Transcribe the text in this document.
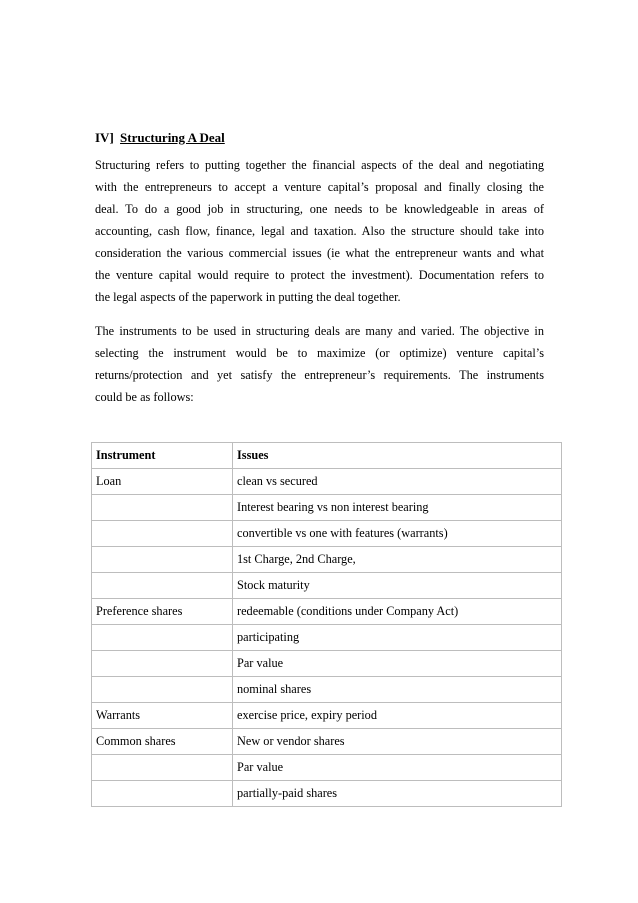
IV] Structuring A Deal
Structuring refers to putting together the financial aspects of the deal and negotiating
with the entrepreneurs to accept a venture capital’s proposal and finally closing the
deal. To do a good job in structuring, one needs to be knowledgeable in areas of
accounting, cash flow, finance, legal and taxation. Also the structure should take into
consideration the various commercial issues (ie what the entrepreneur wants and what
the venture capital would require to protect the investment). Documentation refers to
the legal aspects of the paperwork in putting the deal together.
The instruments to be used in structuring deals are many and varied. The objective in
selecting the instrument would be to maximize (or optimize) venture capital’s
returns/protection and yet satisfy the entrepreneur’s requirements. The instruments
could be as follows:
Instrument	Issues
Loan	clean vs secured
	Interest bearing vs non interest bearing
	convertible vs one with features (warrants)
	1st Charge, 2nd Charge,
	Stock maturity
Preference shares	redeemable (conditions under Company Act)
	participating
	Par value
	nominal shares
Warrants	exercise price, expiry period
Common shares	New or vendor shares
	Par value
	partially-paid shares
